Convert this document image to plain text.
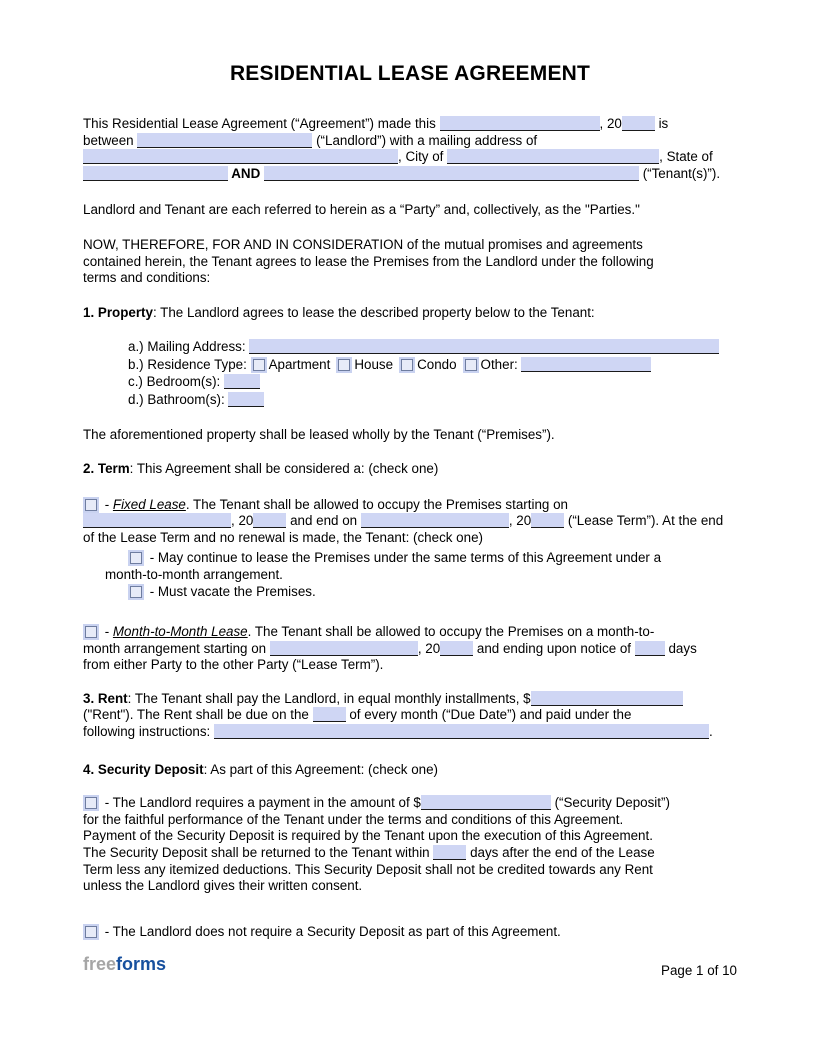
RESIDENTIAL LEASE AGREEMENT
This Residential Lease Agreement (“Agreement”) made this	, 20 is
between	(“Landlord”) with a mailing address of
, City of	, State of
AND	(“Tenant(s)”).
Landlord and Tenant are each referred to herein as a “Party” and, collectively, as the "Parties."
NOW, THEREFORE, FOR AND IN CONSIDERATION of the mutual promises and agreements
contained herein, the Tenant agrees to lease the Premises from the Landlord under the following
terms and conditions:
1. Property: The Landlord agrees to lease the described property below to the Tenant:
a.) Mailing Address:
b.) Residence Type: Apartment House Condo Other:
c.) Bedroom(s):
d.) Bathroom(s):
The aforementioned property shall be leased wholly by the Tenant (“Premises”).
2. Term: This Agreement shall be considered a: (check one)
- Fixed Lease. The Tenant shall be allowed to occupy the Premises starting on
, 20 and end on	, 20 (“Lease Term”). At the end
of the Lease Term and no renewal is made, the Tenant: (check one)
- May continue to lease the Premises under the same terms of this Agreement under a
month-to-month arrangement.
- Must vacate the Premises.
- Month-to-Month Lease. The Tenant shall be allowed to occupy the Premises on a month-to-
month arrangement starting on	, 20 and ending upon notice of  days
from either Party to the other Party (“Lease Term”).
3. Rent: The Tenant shall pay the Landlord, in equal monthly installments, $
("Rent"). The Rent shall be due on the  of every month (“Due Date”) and paid under the
following instructions:	.
4. Security Deposit: As part of this Agreement: (check one)
- The Landlord requires a payment in the amount of $	(“Security Deposit”)
for the faithful performance of the Tenant under the terms and conditions of this Agreement.
Payment of the Security Deposit is required by the Tenant upon the execution of this Agreement.
The Security Deposit shall be returned to the Tenant within  days after the end of the Lease
Term less any itemized deductions. This Security Deposit shall not be credited towards any Rent
unless the Landlord gives their written consent.
- The Landlord does not require a Security Deposit as part of this Agreement.
freeforms	Page 1 of 10
